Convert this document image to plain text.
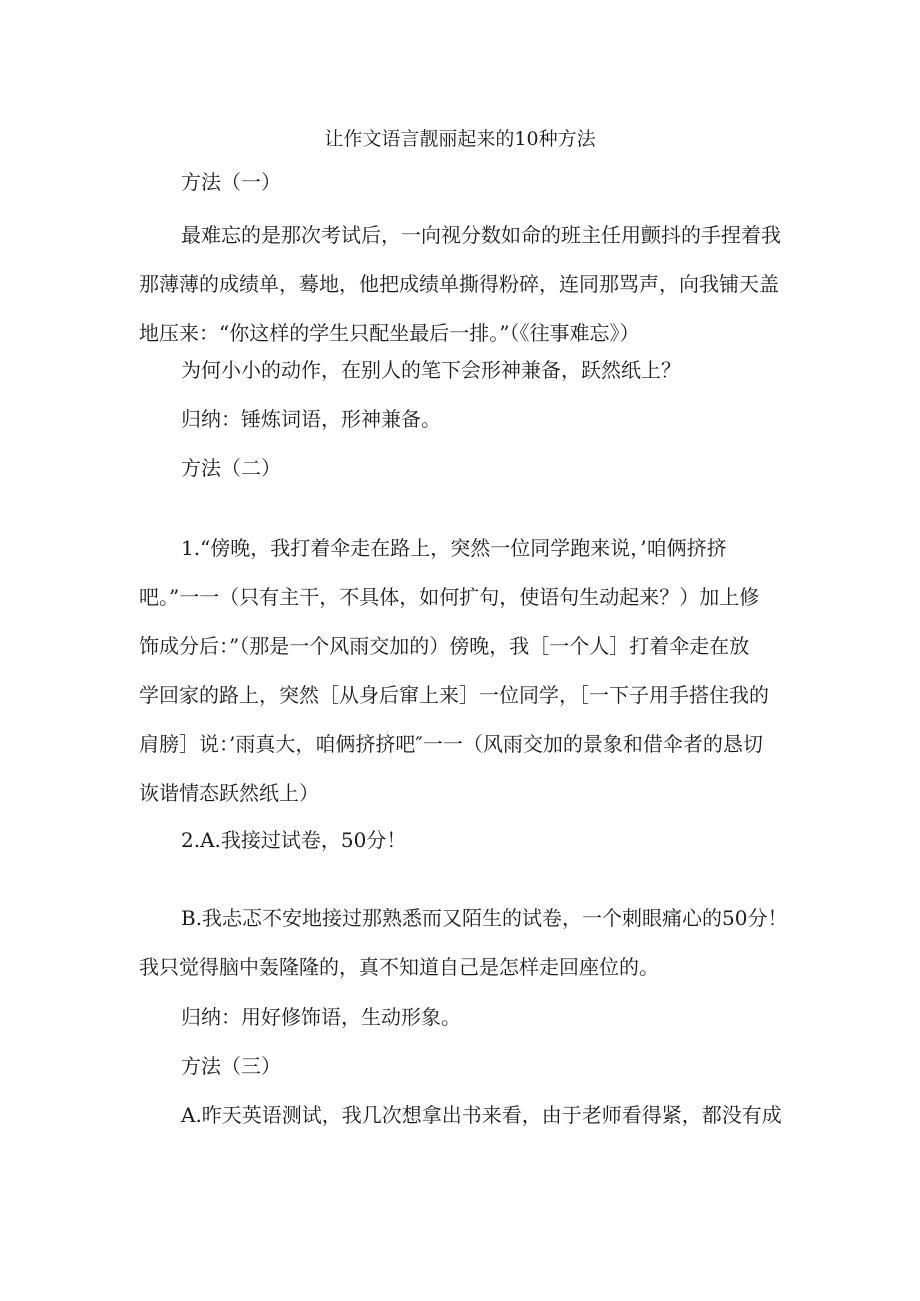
让作文语言靓丽起来的10种方法

方法（一）

最难忘的是那次考试后，一向视分数如命的班主任用颤抖的手捏着我
那薄薄的成绩单，蓦地，他把成绩单撕得粉碎，连同那骂声，向我铺天盖
地压来：“你这样的学生只配坐最后一排。”（《往事难忘》）

为何小小的动作，在别人的笔下会形神兼备，跃然纸上？

归纳：锤炼词语，形神兼备。

方法（二）

1.“傍晚，我打着伞走在路上，突然一位同学跑来说，’咱俩挤挤
吧。”一一（只有主干，不具体，如何扩句，使语句生动起来？）加上修
饰成分后：”（那是一个风雨交加的）傍晚，我［一个人］打着伞走在放
学回家的路上，突然［从身后窜上来］一位同学，［一下子用手搭住我的
肩膀］说：’雨真大，咱俩挤挤吧″一一（风雨交加的景象和借伞者的恳切
诙谐情态跃然纸上）

2.A.我接过试卷，50分！

B.我忐忑不安地接过那熟悉而又陌生的试卷，一个刺眼痛心的50分！
我只觉得脑中轰隆隆的，真不知道自己是怎样走回座位的。

归纳：用好修饰语，生动形象。

方法（三）

A.昨天英语测试，我几次想拿出书来看，由于老师看得紧，都没有成
